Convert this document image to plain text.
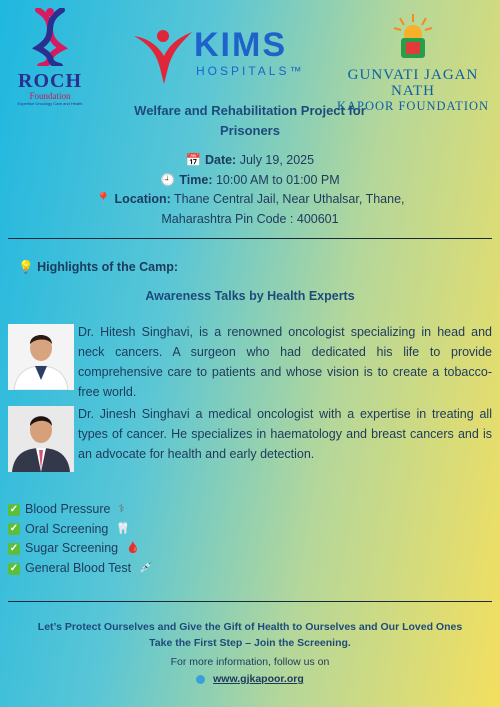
ROCH
Foundation
Expertise Oncology Care and Health
KIMS
HOSPITALS™	GUNVATI JAGAN NATH
KAPOOR FOUNDATION
Welfare and Rehabilitation Project for
Prisoners
📅 Date: July 19, 2025
🕘 Time: 10:00 AM to 01:00 PM
📍 Location: Thane Central Jail, Near Uthalsar, Thane,
Maharashtra Pin Code : 400601
💡 Highlights of the Camp:
Awareness Talks by Health Experts
Dr. Hitesh Singhavi, is a renowned oncologist specializing in head and neck cancers. A surgeon who had dedicated his life to provide comprehensive care to patients and whose vision is to create a tobacco-free world.
Dr. Jinesh Singhavi a medical oncologist with a expertise in treating all types of cancer. He specializes in haematology and breast cancers and is an advocate for health and early detection.
✓ Blood Pressure ⚕
✓ Oral Screening 🦷
✓ Sugar Screening 🩸
✓ General Blood Test 💉
Let’s Protect Ourselves and Give the Gift of Health to Ourselves and Our Loved Ones
Take the First Step – Join the Screening.
For more information, follow us on
www.gjkapoor.org
